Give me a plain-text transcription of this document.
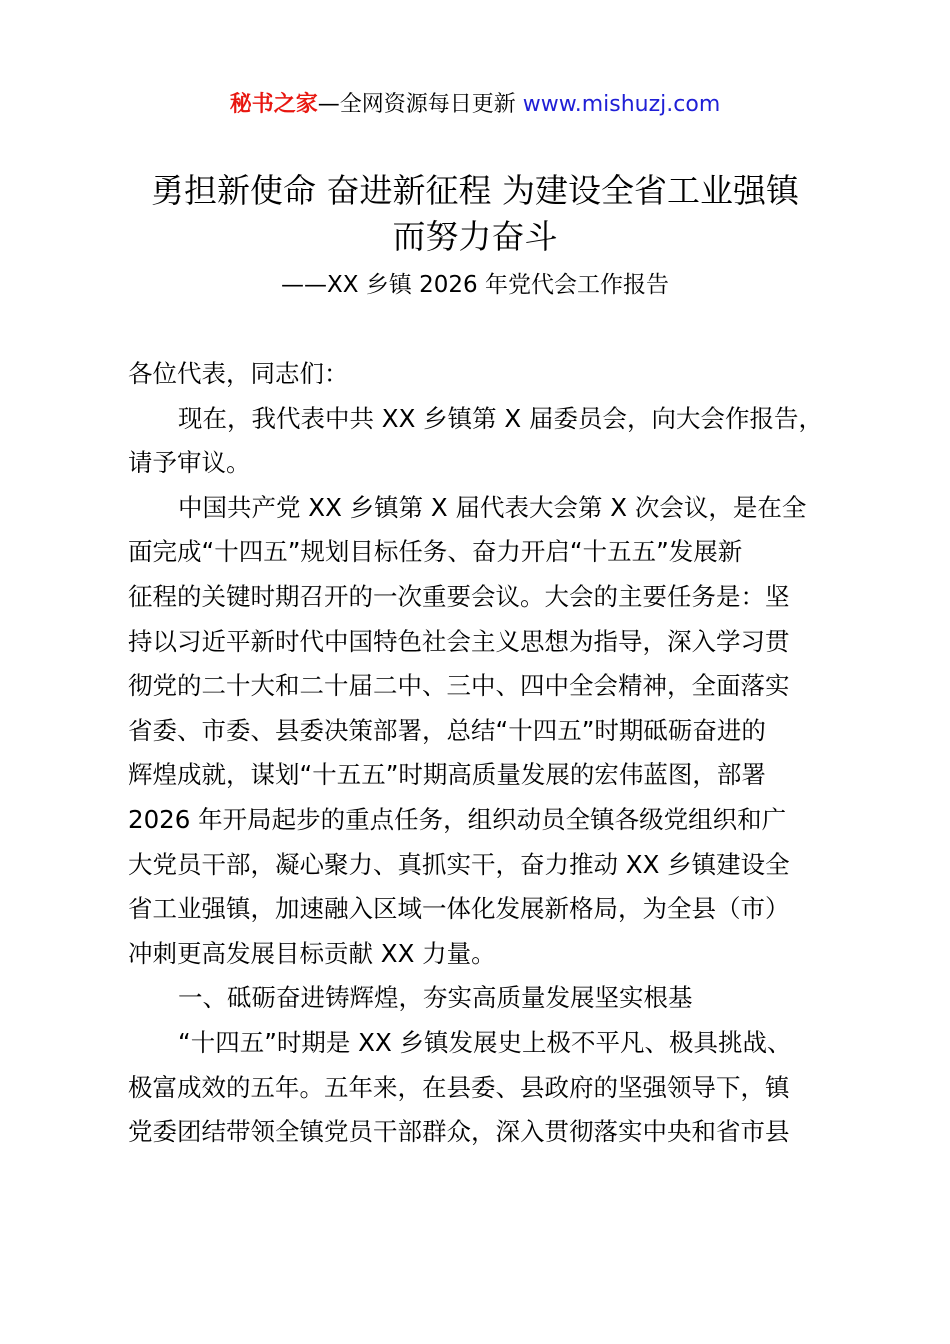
秘书之家—全网资源每日更新 www.mishuzj.com
勇担新使命 奋进新征程 为建设全省工业强镇
而努力奋斗
——XX 乡镇 2026 年党代会工作报告
各位代表，同志们：
现在，我代表中共 XX 乡镇第 X 届委员会，向大会作报告，
请予审议。
中国共产党 XX 乡镇第 X 届代表大会第 X 次会议，是在全
面完成“十四五”规划目标任务、奋力开启“十五五”发展新
征程的关键时期召开的一次重要会议。大会的主要任务是：坚
持以习近平新时代中国特色社会主义思想为指导，深入学习贯
彻党的二十大和二十届二中、三中、四中全会精神，全面落实
省委、市委、县委决策部署，总结“十四五”时期砥砺奋进的
辉煌成就，谋划“十五五”时期高质量发展的宏伟蓝图，部署
2026 年开局起步的重点任务，组织动员全镇各级党组织和广
大党员干部，凝心聚力、真抓实干，奋力推动 XX 乡镇建设全
省工业强镇，加速融入区域一体化发展新格局，为全县（市）
冲刺更高发展目标贡献 XX 力量。
一、砥砺奋进铸辉煌，夯实高质量发展坚实根基
“十四五”时期是 XX 乡镇发展史上极不平凡、极具挑战、
极富成效的五年。五年来，在县委、县政府的坚强领导下，镇
党委团结带领全镇党员干部群众，深入贯彻落实中央和省市县
